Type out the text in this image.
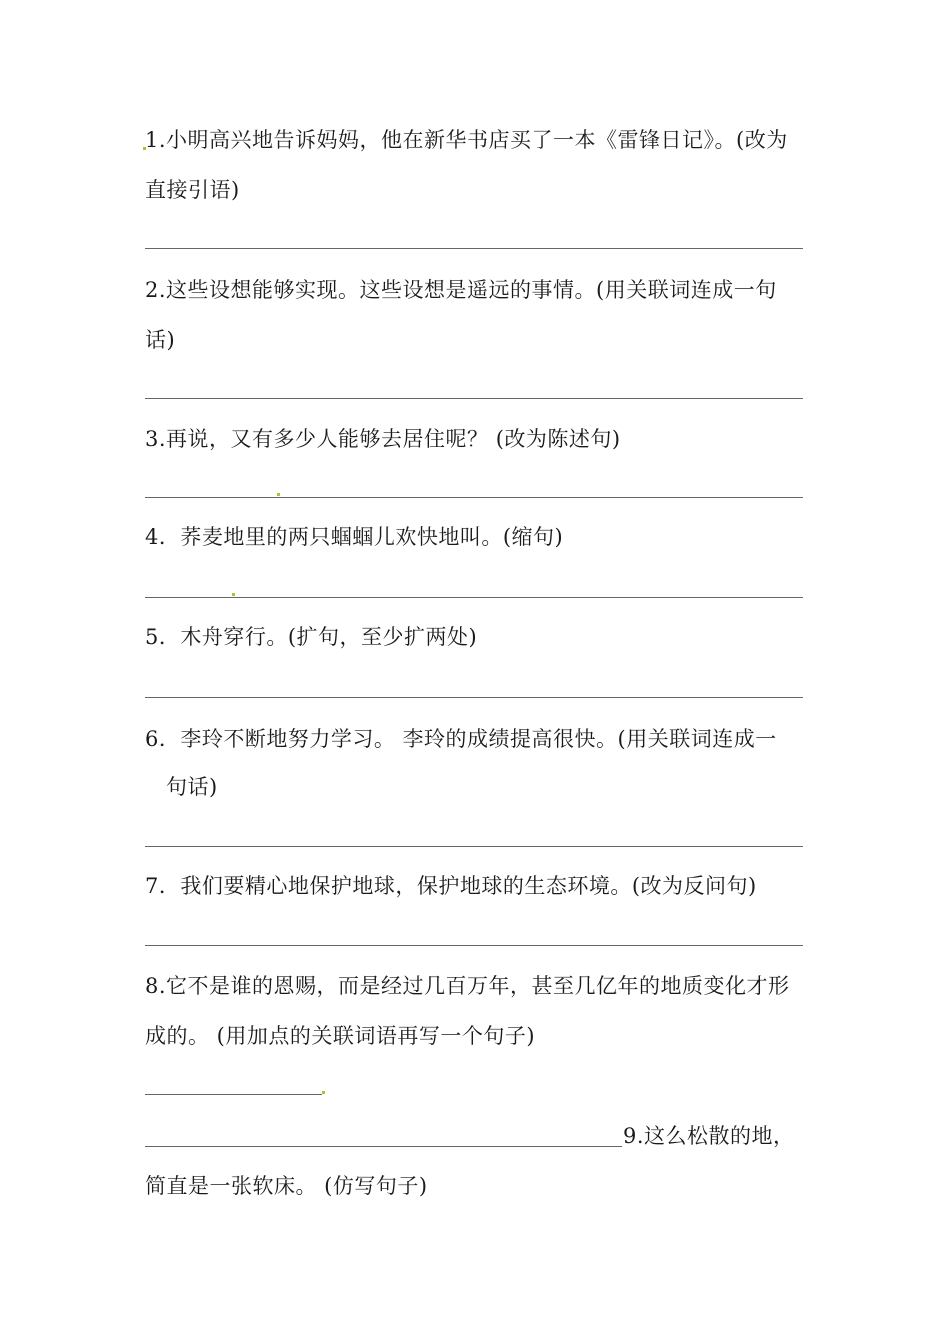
1.小明高兴地告诉妈妈，他在新华书店买了一本《雷锋日记》。(改为
直接引语)
2.这些设想能够实现。这些设想是遥远的事情。(用关联词连成一句
话)
3.再说，又有多少人能够去居住呢？ (改为陈述句)
4．荞麦地里的两只蝈蝈儿欢快地叫。(缩句)
5．木舟穿行。(扩句，至少扩两处)
6．李玲不断地努力学习。 李玲的成绩提高很快。(用关联词连成一
句话)
7．我们要精心地保护地球，保护地球的生态环境。(改为反问句)
8.它不是谁的恩赐，而是经过几百万年，甚至几亿年的地质变化才形
成的。 (用加点的关联词语再写一个句子)
9.这么松散的地，
简直是一张软床。 (仿写句子)
